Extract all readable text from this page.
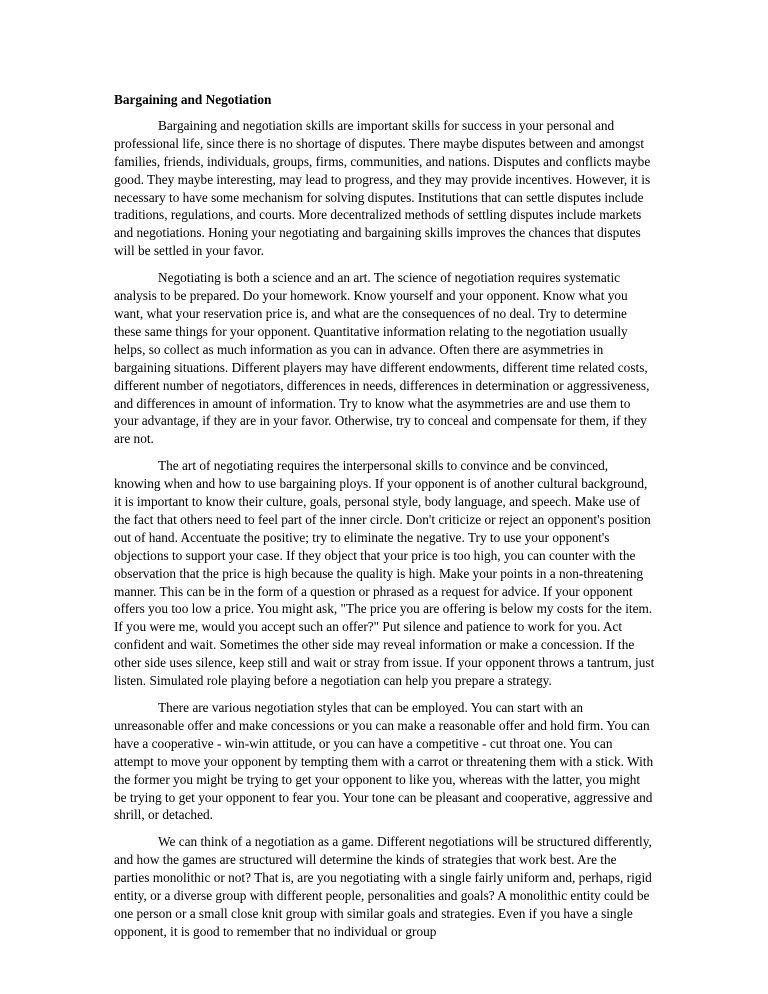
Bargaining and Negotiation

Bargaining and negotiation skills are important skills for success in your personal and professional life, since there is no shortage of disputes. There maybe disputes between and amongst families, friends, individuals, groups, firms, communities, and nations. Disputes and conflicts maybe good. They maybe interesting, may lead to progress, and they may provide incentives. However, it is necessary to have some mechanism for solving disputes. Institutions that can settle disputes include traditions, regulations, and courts. More decentralized methods of settling disputes include markets and negotiations. Honing your negotiating and bargaining skills improves the chances that disputes will be settled in your favor.

Negotiating is both a science and an art. The science of negotiation requires systematic analysis to be prepared. Do your homework. Know yourself and your opponent. Know what you want, what your reservation price is, and what are the consequences of no deal. Try to determine these same things for your opponent. Quantitative information relating to the negotiation usually helps, so collect as much information as you can in advance. Often there are asymmetries in bargaining situations. Different players may have different endowments, different time related costs, different number of negotiators, differences in needs, differences in determination or aggressiveness, and differences in amount of information. Try to know what the asymmetries are and use them to your advantage, if they are in your favor. Otherwise, try to conceal and compensate for them, if they are not.

The art of negotiating requires the interpersonal skills to convince and be convinced, knowing when and how to use bargaining ploys. If your opponent is of another cultural background, it is important to know their culture, goals, personal style, body language, and speech. Make use of the fact that others need to feel part of the inner circle. Don't criticize or reject an opponent's position out of hand. Accentuate the positive; try to eliminate the negative. Try to use your opponent's objections to support your case. If they object that your price is too high, you can counter with the observation that the price is high because the quality is high. Make your points in a non-threatening manner. This can be in the form of a question or phrased as a request for advice. If your opponent offers you too low a price. You might ask, "The price you are offering is below my costs for the item. If you were me, would you accept such an offer?" Put silence and patience to work for you. Act confident and wait. Sometimes the other side may reveal information or make a concession. If the other side uses silence, keep still and wait or stray from issue. If your opponent throws a tantrum, just listen. Simulated role playing before a negotiation can help you prepare a strategy.

There are various negotiation styles that can be employed. You can start with an unreasonable offer and make concessions or you can make a reasonable offer and hold firm. You can have a cooperative - win-win attitude, or you can have a competitive - cut throat one. You can attempt to move your opponent by tempting them with a carrot or threatening them with a stick. With the former you might be trying to get your opponent to like you, whereas with the latter, you might be trying to get your opponent to fear you. Your tone can be pleasant and cooperative, aggressive and shrill, or detached.

We can think of a negotiation as a game. Different negotiations will be structured differently, and how the games are structured will determine the kinds of strategies that work best. Are the parties monolithic or not? That is, are you negotiating with a single fairly uniform and, perhaps, rigid entity, or a diverse group with different people, personalities and goals? A monolithic entity could be one person or a small close knit group with similar goals and strategies. Even if you have a single opponent, it is good to remember that no individual or group
